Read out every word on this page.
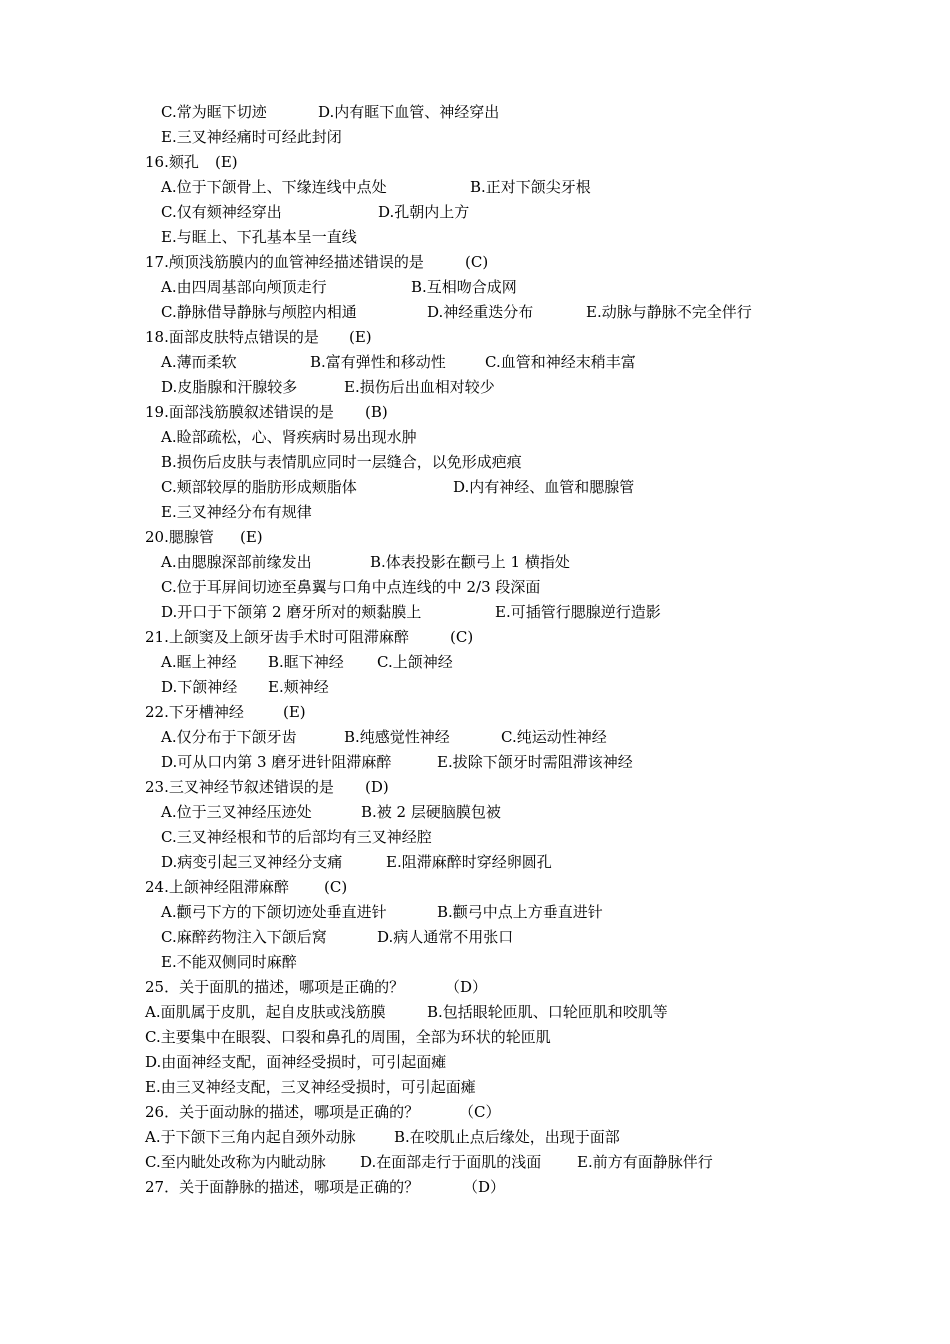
C.常为眶下切迹	D.内有眶下血管、神经穿出
E.三叉神经痛时可经此封闭
16.颏孔 (E)
A.位于下颌骨上、下缘连线中点处	B.正对下颌尖牙根
C.仅有颏神经穿出	D.孔朝内上方
E.与眶上、下孔基本呈一直线
17.颅顶浅筋膜内的血管神经描述错误的是	(C)
A.由四周基部向颅顶走行	B.互相吻合成网
C.静脉借导静脉与颅腔内相通	D.神经重迭分布	E.动脉与静脉不完全伴行
18.面部皮肤特点错误的是 (E)
A.薄而柔软	B.富有弹性和移动性	C.血管和神经末稍丰富
D.皮脂腺和汗腺较多	E.损伤后出血相对较少
19.面部浅筋膜叙述错误的是 (B)
A.睑部疏松，心、肾疾病时易出现水肿
B.损伤后皮肤与表情肌应同时一层缝合，以免形成疤痕
C.颊部较厚的脂肪形成颊脂体	D.内有神经、血管和腮腺管
E.三叉神经分布有规律
20.腮腺管 (E)
A.由腮腺深部前缘发出	B.体表投影在颧弓上 1 横指处
C.位于耳屏间切迹至鼻翼与口角中点连线的中 2/3 段深面
D.开口于下颌第 2 磨牙所对的颊黏膜上	E.可插管行腮腺逆行造影
21.上颌窦及上颌牙齿手术时可阻滞麻醉	(C)
A.眶上神经 B.眶下神经 C.上颌神经
D.下颌神经 E.颊神经
22.下牙槽神经	(E)
A.仅分布于下颌牙齿	B.纯感觉性神经	C.纯运动性神经
D.可从口内第 3 磨牙进针阻滞麻醉	E.拔除下颌牙时需阻滞该神经
23.三叉神经节叙述错误的是 (D)
A.位于三叉神经压迹处	B.被 2 层硬脑膜包被
C.三叉神经根和节的后部均有三叉神经腔
D.病变引起三叉神经分支痛	E.阻滞麻醉时穿经卵圆孔
24.上颌神经阻滞麻醉 (C)
A.颧弓下方的下颌切迹处垂直进针	B.颧弓中点上方垂直进针
C.麻醉药物注入下颌后窝	D.病人通常不用张口
E.不能双侧同时麻醉
25．关于面肌的描述，哪项是正确的？	（D）
A.面肌属于皮肌，起自皮肤或浅筋膜	B.包括眼轮匝肌、口轮匝肌和咬肌等
C.主要集中在眼裂、口裂和鼻孔的周围，全部为环状的轮匝肌
D.由面神经支配，面神经受损时，可引起面瘫
E.由三叉神经支配，三叉神经受损时，可引起面瘫
26．关于面动脉的描述，哪项是正确的？	（C）
A.于下颌下三角内起自颈外动脉	B.在咬肌止点后缘处，出现于面部
C.至内眦处改称为内眦动脉 D.在面部走行于面肌的浅面 E.前方有面静脉伴行
27．关于面静脉的描述，哪项是正确的？	（D）
